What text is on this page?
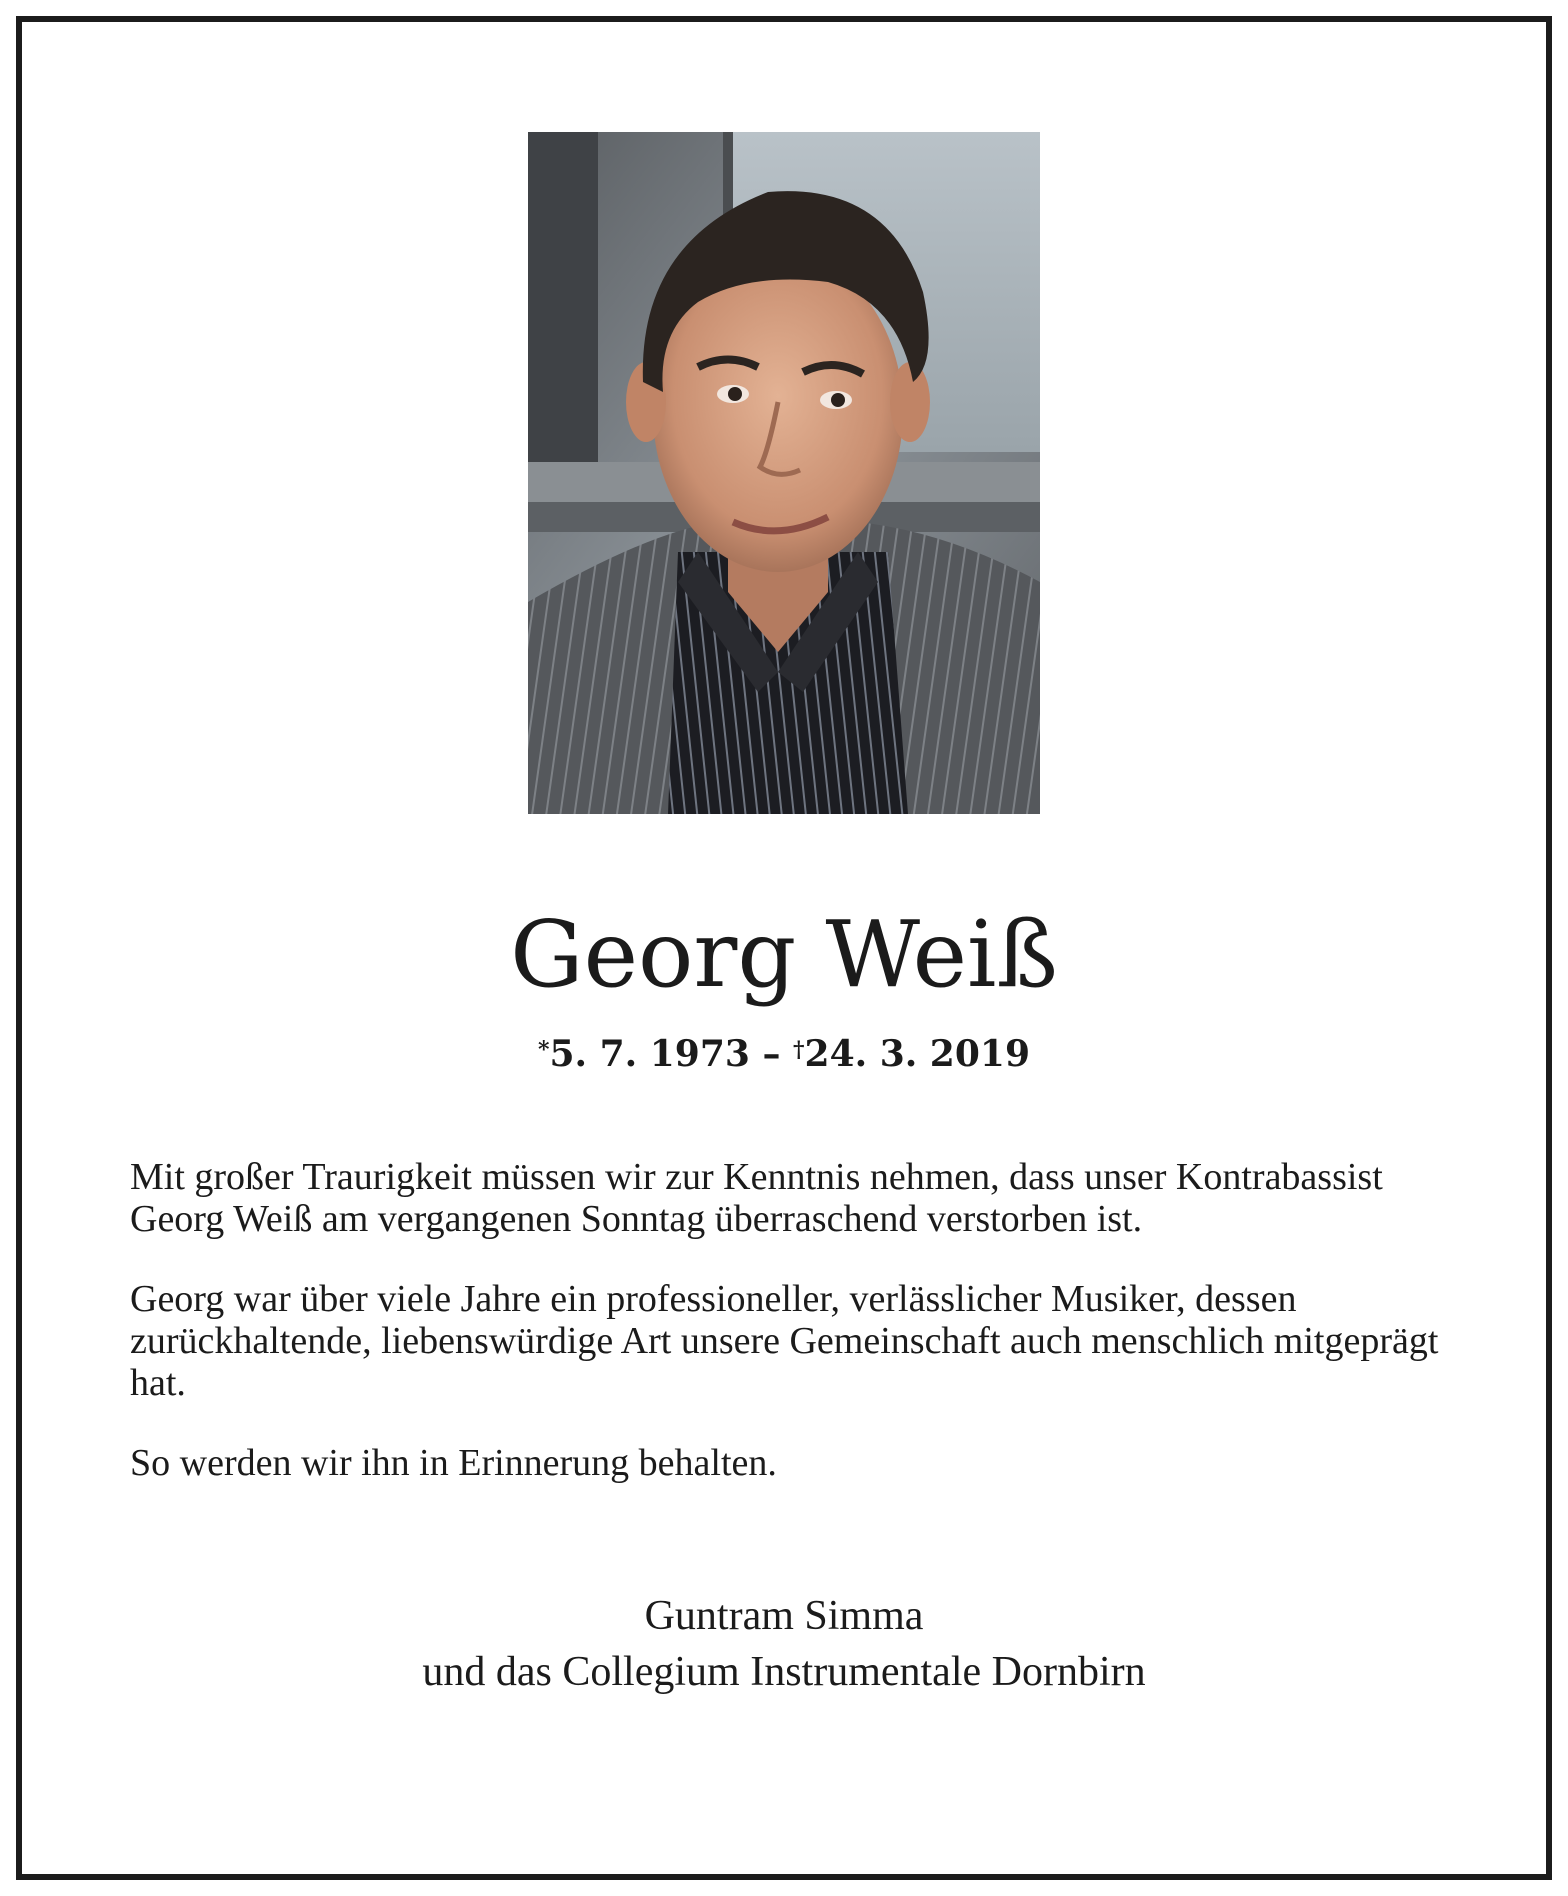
Georg Weiß
*5. 7. 1973 – †24. 3. 2019

Mit großer Traurigkeit müssen wir zur Kenntnis nehmen, dass unser Kontrabassist Georg Weiß am vergangenen Sonntag überraschend verstorben ist.

Georg war über viele Jahre ein professioneller, verlässlicher Musiker, dessen zurückhaltende, liebenswürdige Art unsere Gemeinschaft auch menschlich mitgeprägt hat.

So werden wir ihn in Erinnerung behalten.

Guntram Simma
und das Collegium Instrumentale Dornbirn
